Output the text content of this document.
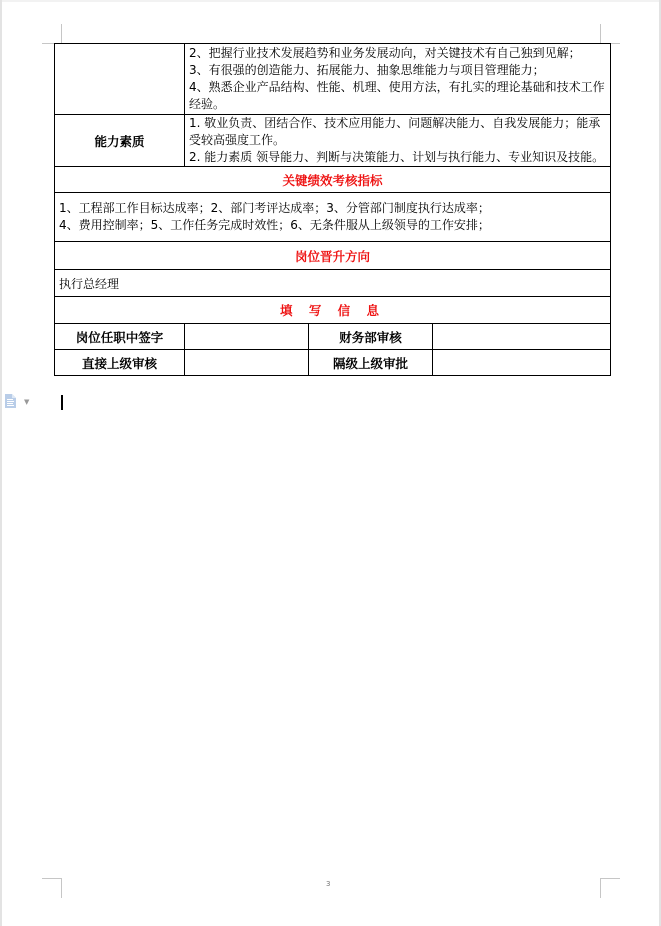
	2、把握行业技术发展趋势和业务发展动向，对关键技术有自己独到见解；
3、有很强的创造能力、拓展能力、抽象思维能力与项目管理能力；
4、熟悉企业产品结构、性能、机理、使用方法，有扎实的理论基础和技术工作经验。		

能力素质	1. 敬业负责、团结合作、技术应用能力、问题解决能力、自我发展能力；能承受较高强度工作。
2. 能力素质 领导能力、判断与决策能力、计划与执行能力、专业知识及技能。		

关键绩效考核指标			

1、工程部工作目标达成率；2、部门考评达成率；3、分管部门制度执行达成率；
4、费用控制率；5、工作任务完成时效性；6、无条件服从上级领导的工作安排；			

岗位晋升方向			
执行总经理			
填 写 信 息			
岗位任职中签字		财务部审核	
直接上级审核		隔级上级审批	
▼
3
